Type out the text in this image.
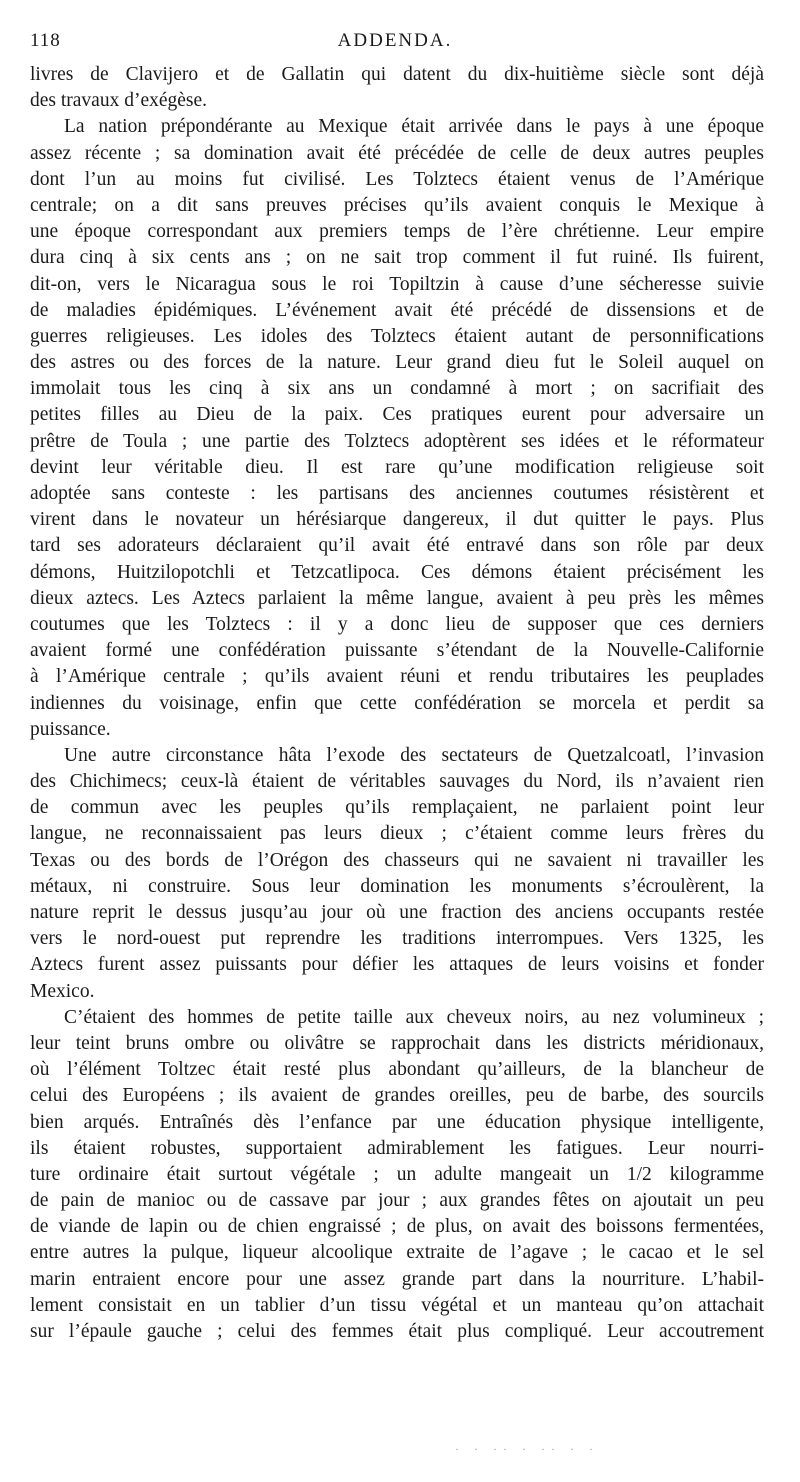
118	ADDENDA.
livres de Clavijero et de Gallatin qui datent du dix-huitième siècle sont déjà
des travaux d’exégèse.
La nation prépondérante au Mexique était arrivée dans le pays à une époque
assez récente ; sa domination avait été précédée de celle de deux autres peuples
dont l’un au moins fut civilisé. Les Tolztecs étaient venus de l’Amérique
centrale; on a dit sans preuves précises qu’ils avaient conquis le Mexique à
une époque correspondant aux premiers temps de l’ère chrétienne. Leur empire
dura cinq à six cents ans ; on ne sait trop comment il fut ruiné. Ils fuirent,
dit-on, vers le Nicaragua sous le roi Topiltzin à cause d’une sécheresse suivie
de maladies épidémiques. L’événement avait été précédé de dissensions et de
guerres religieuses. Les idoles des Tolztecs étaient autant de personnifications
des astres ou des forces de la nature. Leur grand dieu fut le Soleil auquel on
immolait tous les cinq à six ans un condamné à mort ; on sacrifiait des
petites filles au Dieu de la paix. Ces pratiques eurent pour adversaire un
prêtre de Toula ; une partie des Tolztecs adoptèrent ses idées et le réformateur
devint leur véritable dieu. Il est rare qu’une modification religieuse soit
adoptée sans conteste : les partisans des anciennes coutumes résistèrent et
virent dans le novateur un hérésiarque dangereux, il dut quitter le pays. Plus
tard ses adorateurs déclaraient qu’il avait été entravé dans son rôle par deux
démons, Huitzilopotchli et Tetzcatlipoca. Ces démons étaient précisément les
dieux aztecs. Les Aztecs parlaient la même langue, avaient à peu près les mêmes
coutumes que les Tolztecs : il y a donc lieu de supposer que ces derniers
avaient formé une confédération puissante s’étendant de la Nouvelle-Californie
à l’Amérique centrale ; qu’ils avaient réuni et rendu tributaires les peuplades
indiennes du voisinage, enfin que cette confédération se morcela et perdit sa
puissance.
Une autre circonstance hâta l’exode des sectateurs de Quetzalcoatl, l’invasion
des Chichimecs; ceux-là étaient de véritables sauvages du Nord, ils n’avaient rien
de commun avec les peuples qu’ils remplaçaient, ne parlaient point leur
langue, ne reconnaissaient pas leurs dieux ; c’étaient comme leurs frères du
Texas ou des bords de l’Orégon des chasseurs qui ne savaient ni travailler les
métaux, ni construire. Sous leur domination les monuments s’écroulèrent, la
nature reprit le dessus jusqu’au jour où une fraction des anciens occupants restée
vers le nord-ouest put reprendre les traditions interrompues. Vers 1325, les
Aztecs furent assez puissants pour défier les attaques de leurs voisins et fonder
Mexico.
C’étaient des hommes de petite taille aux cheveux noirs, au nez volumineux ;
leur teint bruns ombre ou olivâtre se rapprochait dans les districts méridionaux,
où l’élément Toltzec était resté plus abondant qu’ailleurs, de la blancheur de
celui des Européens ; ils avaient de grandes oreilles, peu de barbe, des sourcils
bien arqués. Entraînés dès l’enfance par une éducation physique intelligente,
ils étaient robustes, supportaient admirablement les fatigues. Leur nourri-
ture ordinaire était surtout végétale ; un adulte mangeait un 1/2 kilogramme
de pain de manioc ou de cassave par jour ; aux grandes fêtes on ajoutait un peu
de viande de lapin ou de chien engraissé ; de plus, on avait des boissons fermentées,
entre autres la pulque, liqueur alcoolique extraite de l’agave ; le cacao et le sel
marin entraient encore pour une assez grande part dans la nourriture. L’habil-
lement consistait en un tablier d’un tissu végétal et un manteau qu’on attachait
sur l’épaule gauche ; celui des femmes était plus compliqué. Leur accoutrement
· · ·· · ·· · ·
